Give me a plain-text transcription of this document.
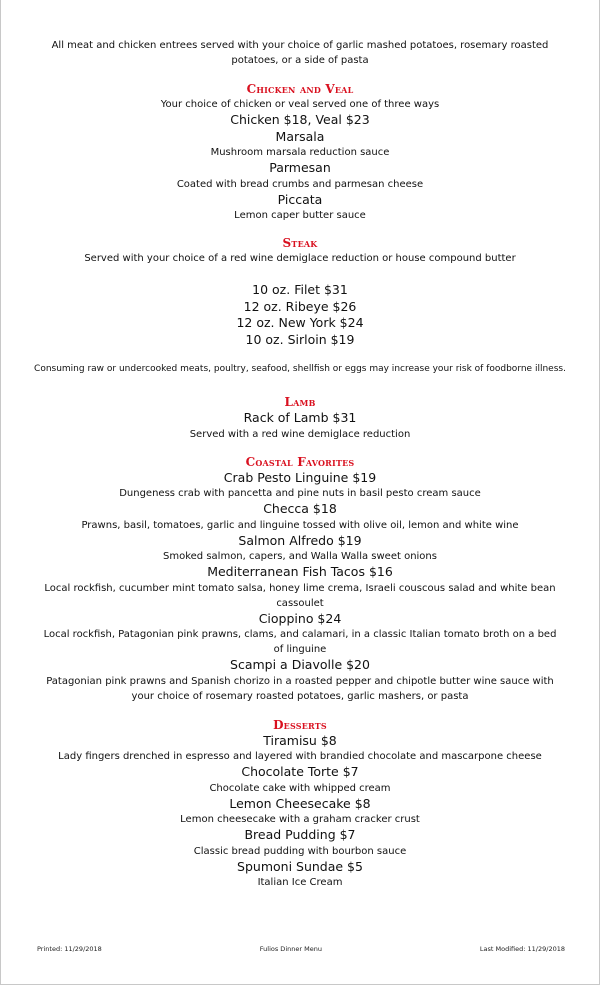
All meat and chicken entrees served with your choice of garlic mashed potatoes, rosemary roasted potatoes, or a side of pasta
Chicken and Veal
Your choice of chicken or veal served one of three ways
Chicken $18, Veal $23
Marsala
Mushroom marsala reduction sauce
Parmesan
Coated with bread crumbs and parmesan cheese
Piccata
Lemon caper butter sauce
Steak
Served with your choice of a red wine demiglace reduction or house compound butter
10 oz. Filet $31
12 oz. Ribeye $26
12 oz. New York $24
10 oz. Sirloin $19
Consuming raw or undercooked meats, poultry, seafood, shellfish or eggs may increase your risk of foodborne illness.
Lamb
Rack of Lamb $31
Served with a red wine demiglace reduction
Coastal Favorites
Crab Pesto Linguine $19
Dungeness crab with pancetta and pine nuts in basil pesto cream sauce
Checca $18
Prawns, basil, tomatoes, garlic and linguine tossed with olive oil, lemon and white wine
Salmon Alfredo $19
Smoked salmon, capers, and Walla Walla sweet onions
Mediterranean Fish Tacos $16
Local rockfish, cucumber mint tomato salsa, honey lime crema, Israeli couscous salad and white bean cassoulet
Cioppino $24
Local rockfish, Patagonian pink prawns, clams, and calamari, in a classic Italian tomato broth on a bed of linguine
Scampi a Diavolle $20
Patagonian pink prawns and Spanish chorizo in a roasted pepper and chipotle butter wine sauce with your choice of rosemary roasted potatoes, garlic mashers, or pasta
Desserts
Tiramisu $8
Lady fingers drenched in espresso and layered with brandied chocolate and mascarpone cheese
Chocolate Torte $7
Chocolate cake with whipped cream
Lemon Cheesecake $8
Lemon cheesecake with a graham cracker crust
Bread Pudding $7
Classic bread pudding with bourbon sauce
Spumoni Sundae $5
Italian Ice Cream
Printed: 11/29/2018	Fulios Dinner Menu	Last Modified: 11/29/2018
